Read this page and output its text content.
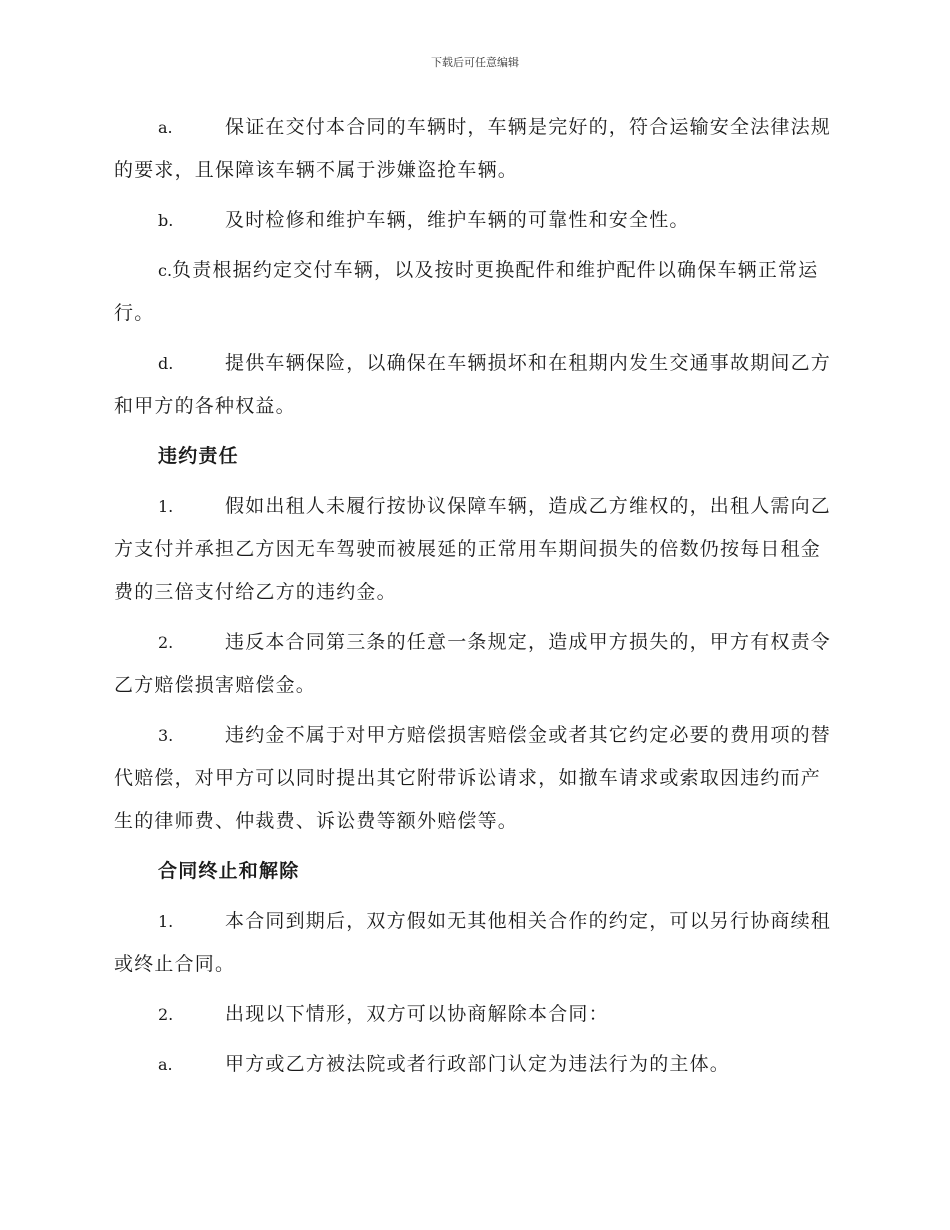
下载后可任意编辑

a.	保证在交付本合同的车辆时，车辆是完好的，符合运输安全法律法规的要求，且保障该车辆不属于涉嫌盗抢车辆。

b.	及时检修和维护车辆，维护车辆的可靠性和安全性。

c.负责根据约定交付车辆，以及按时更换配件和维护配件以确保车辆正常运行。

d.	提供车辆保险，以确保在车辆损坏和在租期内发生交通事故期间乙方和甲方的各种权益。

违约责任

1.	假如出租人未履行按协议保障车辆，造成乙方维权的，出租人需向乙方支付并承担乙方因无车驾驶而被展延的正常用车期间损失的倍数仍按每日租金费的三倍支付给乙方的违约金。

2.	违反本合同第三条的任意一条规定，造成甲方损失的，甲方有权责令乙方赔偿损害赔偿金。

3.	违约金不属于对甲方赔偿损害赔偿金或者其它约定必要的费用项的替代赔偿，对甲方可以同时提出其它附带诉讼请求，如撤车请求或索取因违约而产生的律师费、仲裁费、诉讼费等额外赔偿等。

合同终止和解除

1.	本合同到期后，双方假如无其他相关合作的约定，可以另行协商续租或终止合同。

2.	出现以下情形，双方可以协商解除本合同：

a.	甲方或乙方被法院或者行政部门认定为违法行为的主体。
